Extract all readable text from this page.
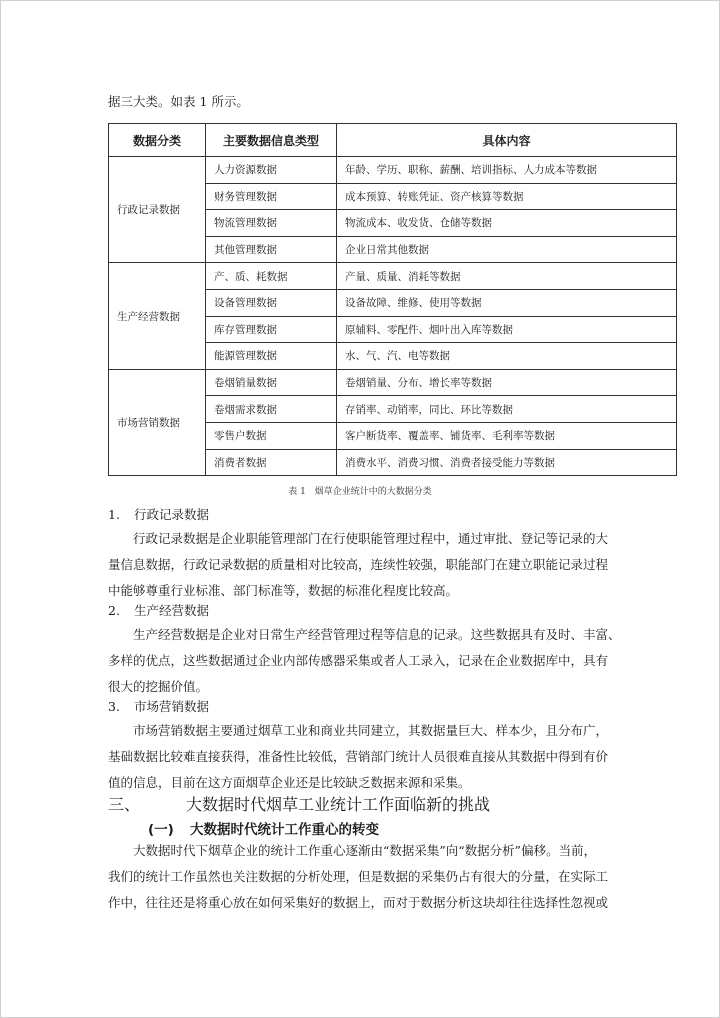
据三大类。如表 1 所示。
数据分类	主要数据信息类型	具体内容
行政记录数据	人力资源数据	年龄、学历、职称、薪酬、培训指标、人力成本等数据
	财务管理数据	成本预算、转账凭证、资产核算等数据
	物流管理数据	物流成本、收发货、仓储等数据
	其他管理数据	企业日常其他数据
生产经营数据	产、质、耗数据	产量、质量、消耗等数据
	设备管理数据	设备故障、维修、使用等数据
	库存管理数据	原辅料、零配件、烟叶出入库等数据
	能源管理数据	水、气、汽、电等数据
市场营销数据	卷烟销量数据	卷烟销量、分布、增长率等数据
	卷烟需求数据	存销率、动销率，同比、环比等数据
	零售户数据	客户断货率、覆盖率、铺货率、毛利率等数据
	消费者数据	消费水平、消费习惯、消费者接受能力等数据
表 1　烟草企业统计中的大数据分类
1. 行政记录数据
　　行政记录数据是企业职能管理部门在行使职能管理过程中，通过审批、登记等记录的大
量信息数据，行政记录数据的质量相对比较高，连续性较强，职能部门在建立职能记录过程
中能够尊重行业标准、部门标准等，数据的标准化程度比较高。
2. 生产经营数据
　　生产经营数据是企业对日常生产经营管理过程等信息的记录。这些数据具有及时、丰富、
多样的优点，这些数据通过企业内部传感器采集或者人工录入，记录在企业数据库中，具有
很大的挖掘价值。
3. 市场营销数据
　　市场营销数据主要通过烟草工业和商业共同建立，其数据量巨大、样本少，且分布广，
基础数据比较难直接获得，准备性比较低，营销部门统计人员很难直接从其数据中得到有价
值的信息，目前在这方面烟草企业还是比较缺乏数据来源和采集。
三、	大数据时代烟草工业统计工作面临新的挑战
(一) 大数据时代统计工作重心的转变
　　大数据时代下烟草企业的统计工作重心逐渐由“数据采集”向“数据分析”偏移。当前，
我们的统计工作虽然也关注数据的分析处理，但是数据的采集仍占有很大的分量，在实际工
作中，往往还是将重心放在如何采集好的数据上，而对于数据分析这块却往往选择性忽视或
